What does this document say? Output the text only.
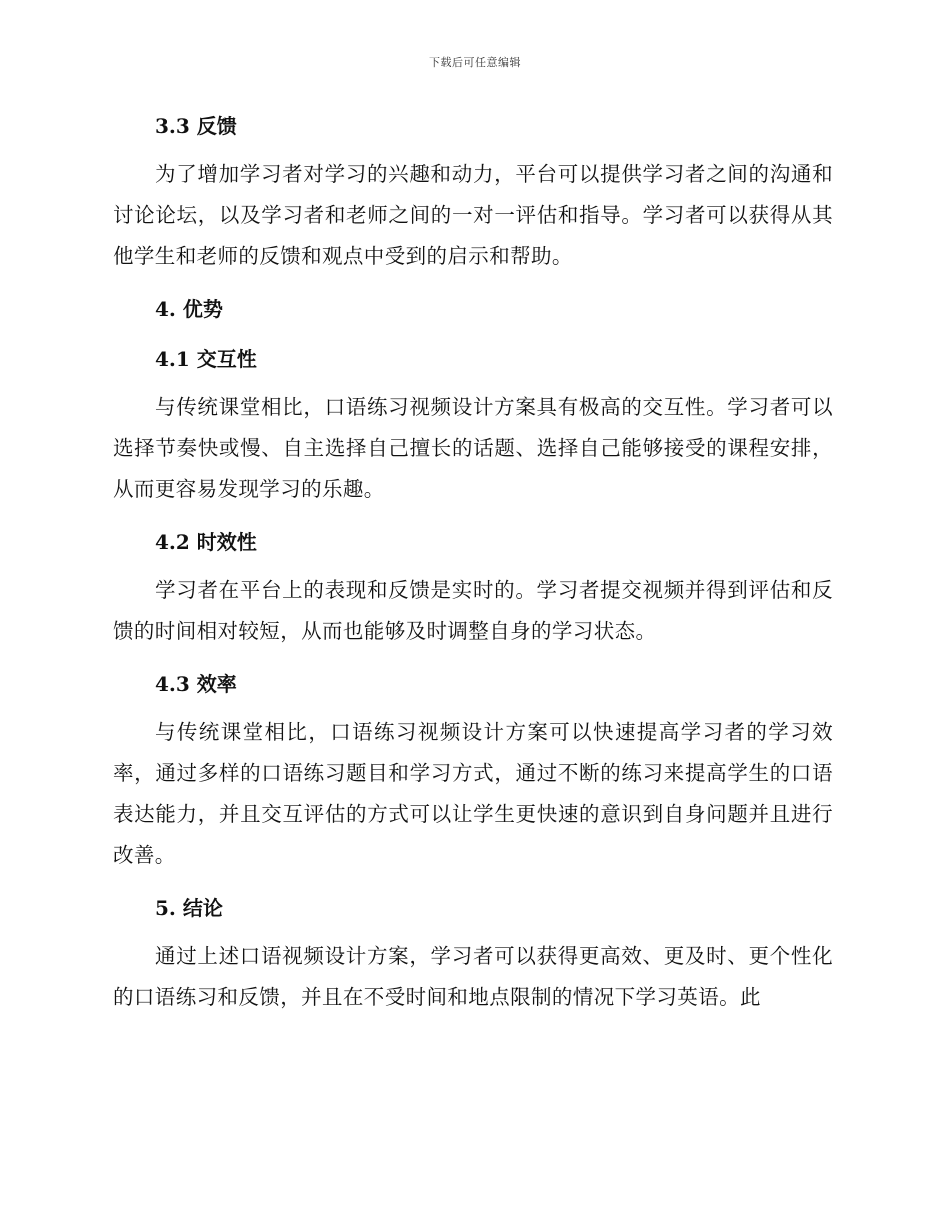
下载后可任意编辑
3.3 反馈

为了增加学习者对学习的兴趣和动力，平台可以提供学习者之间的沟通和讨论论坛，以及学习者和老师之间的一对一评估和指导。学习者可以获得从其他学生和老师的反馈和观点中受到的启示和帮助。

4. 优势
4.1 交互性

与传统课堂相比，口语练习视频设计方案具有极高的交互性。学习者可以选择节奏快或慢、自主选择自己擅长的话题、选择自己能够接受的课程安排，从而更容易发现学习的乐趣。

4.2 时效性

学习者在平台上的表现和反馈是实时的。学习者提交视频并得到评估和反馈的时间相对较短，从而也能够及时调整自身的学习状态。

4.3 效率

与传统课堂相比，口语练习视频设计方案可以快速提高学习者的学习效率，通过多样的口语练习题目和学习方式，通过不断的练习来提高学生的口语表达能力，并且交互评估的方式可以让学生更快速的意识到自身问题并且进行改善。

5. 结论

通过上述口语视频设计方案，学习者可以获得更高效、更及时、更个性化的口语练习和反馈，并且在不受时间和地点限制的情况下学习英语。此
